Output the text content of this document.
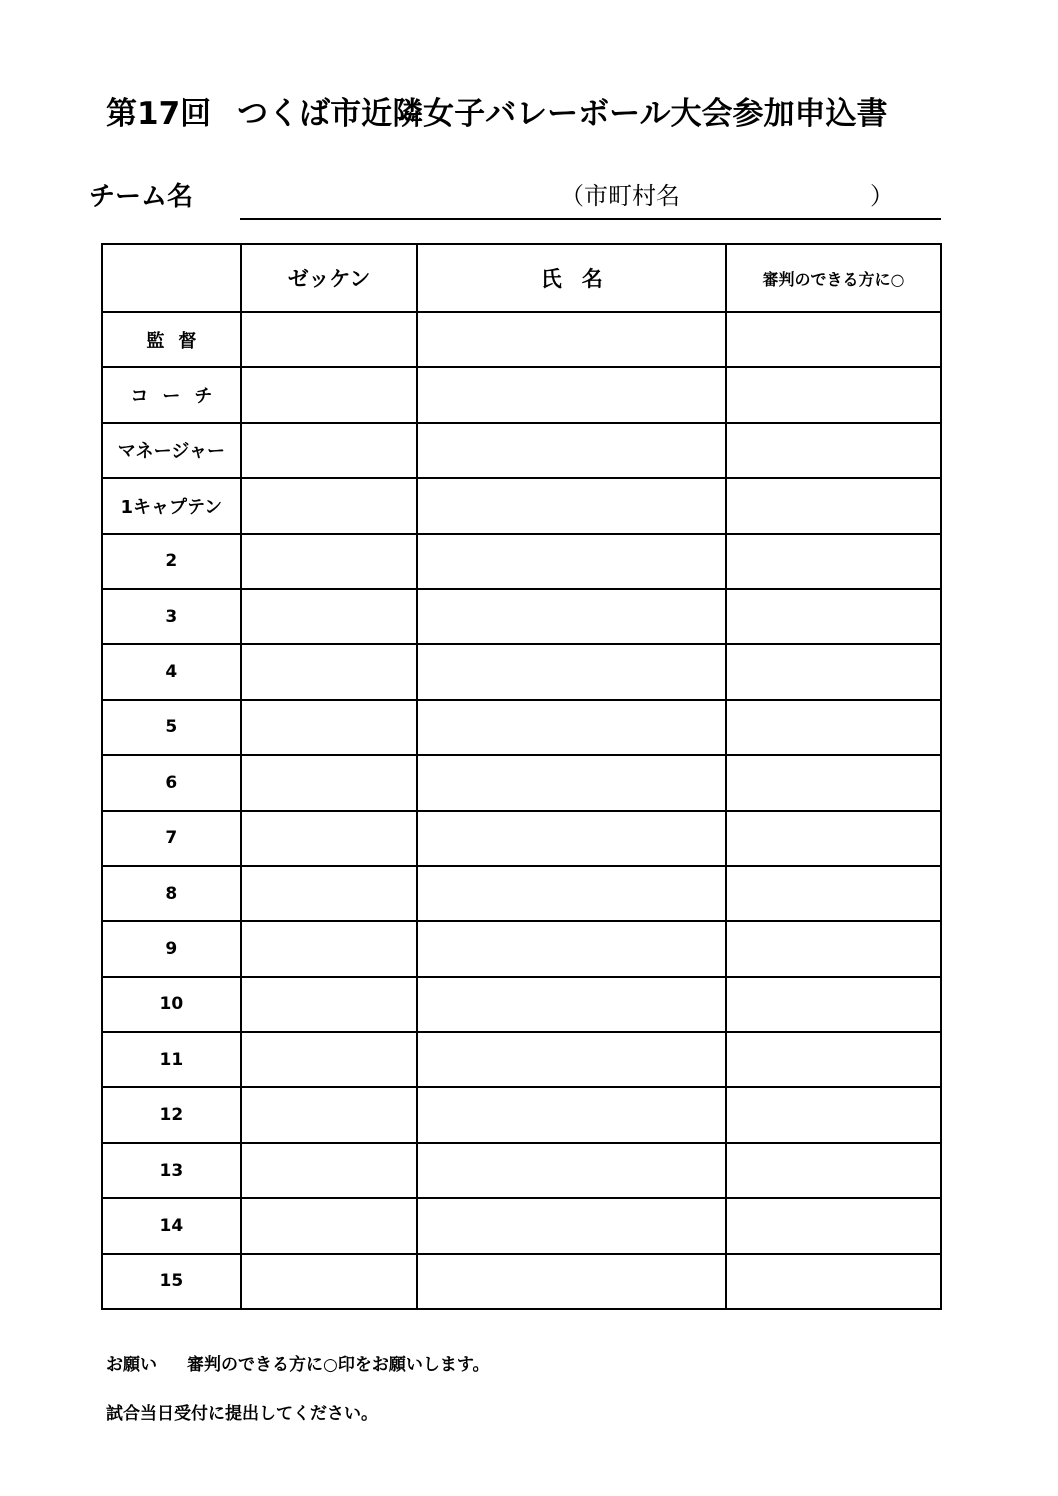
第17回 つくば市近隣女子バレーボール大会参加申込書
チーム名	（市町村名	）
	ゼッケン	氏名	審判のできる方に○
監督			
コーチ			
マネージャー			
1キャプテン			
2			
3			
4			
5			
6			
7			
8			
9			
10			
11			
12			
13			
14			
15			
お願い 審判のできる方に○印をお願いします。
試合当日受付に提出してください。
